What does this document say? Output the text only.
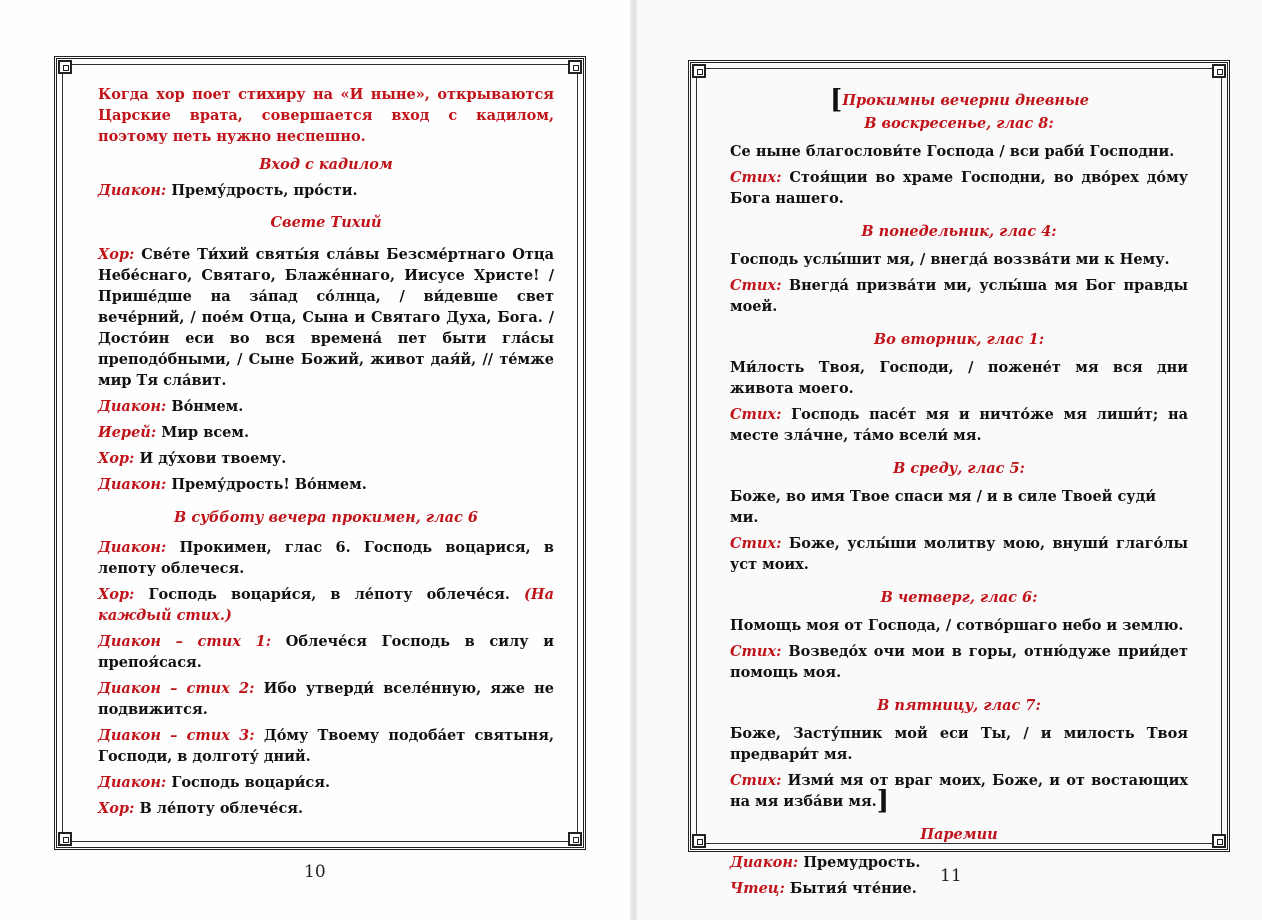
Когда хор поет стихиру на «И ныне», открываются Царские врата, совершается вход с кадилом, поэтому петь нужно неспешно.

Вход с кадилом

Диакон: Прему́дрость, про́сти.

Свете Тихий

Хор: Све́те Ти́хий святы́я сла́вы Безсме́ртнаго Отца Небе́снаго, Святаго, Блаже́ннаго, Иисусе Христе! / Прише́дше на за́пад со́лнца, / ви́девше свет вече́рний, / пое́м Отца, Сына и Святаго Духа, Бога. / Досто́ин еси во вся времена́ пет быти гла́сы преподо́бными, / Сыне Божий, живот дая́й, // те́мже мир Тя сла́вит.

Диакон: Во́нмем.

Иерей: Мир всем.

Хор: И ду́хови твоему.

Диакон: Прему́дрость! Во́нмем.

В субботу вечера прокимен, глас 6

Диакон: Прокимен, глас 6. Господь воцарися, в лепоту облечеся.

Хор: Господь воцари́ся, в ле́поту облече́ся. (На каждый стих.)

Диакон – стих 1: Облече́ся Господь в силу и препоя́сася.

Диакон – стих 2: Ибо утверди́ вселе́нную, яже не подвижится.

Диакон – стих 3: До́му Твоему подоба́ет святыня, Господи, в долготу́ дний.

Диакон: Господь воцари́ся.

Хор: В ле́поту облече́ся.

[Прокимны вечерни дневные

В воскресенье, глас 8:

Се ныне благослови́те Господа / вси раби́ Господни.

Стих: Стоя́щии во храме Господни, во дво́рех до́му Бога нашего.

В понедельник, глас 4:

Господь услы́шит мя, / внегда́ воззва́ти ми к Нему.

Стих: Внегда́ призва́ти ми, услы́ша мя Бог правды моей.

Во вторник, глас 1:

Ми́лость Твоя, Господи, / пожене́т мя вся дни живота моего.

Стих: Господь пасе́т мя и ничто́же мя лиши́т; на месте зла́чне, та́мо всели́ мя.

В среду, глас 5:

Боже, во имя Твое спаси мя / и в силе Твоей суди́ ми.

Стих: Боже, услы́ши молитву мою, внуши́ глаго́лы уст моих.

В четверг, глас 6:

Помощь моя от Господа, / сотво́ршаго небо и землю.

Стих: Возведо́х очи мои в горы, отню́дуже прии́дет помощь моя.

В пятницу, глас 7:

Боже, Засту́пник мой еси Ты, / и милость Твоя предвари́т мя.

Стих: Изми́ мя от враг моих, Боже, и от востающих на мя изба́ви мя.]

Паремии

Диакон: Премудрость.

Чтец: Бытия́ чте́ние.

10	11
